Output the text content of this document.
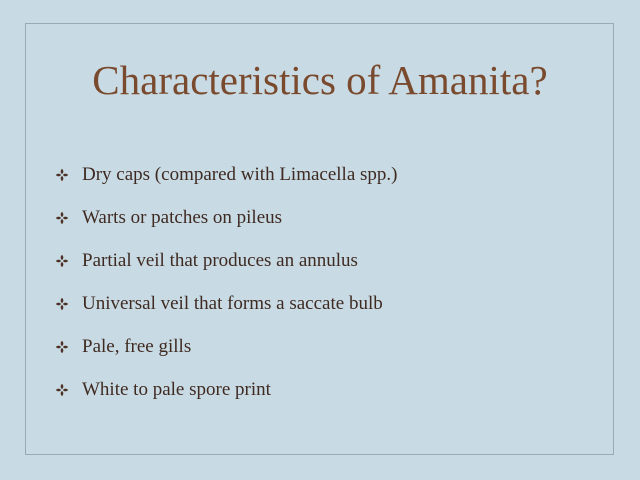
Characteristics of Amanita?
Dry caps (compared with Limacella spp.)
Warts or patches on pileus
Partial veil that produces an annulus
Universal veil that forms a saccate bulb
Pale, free gills
White to pale spore print
